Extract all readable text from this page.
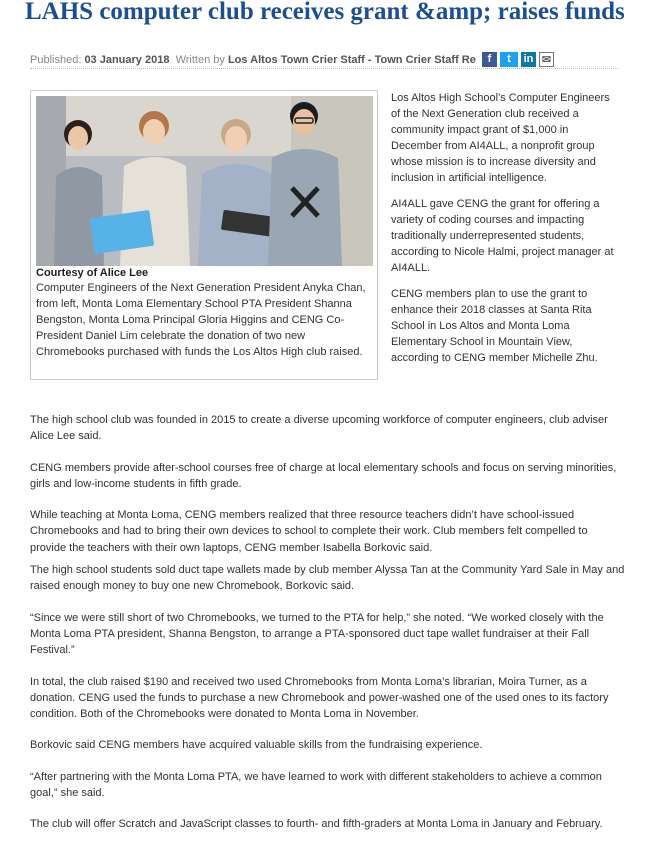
LAHS computer club receives grant &amp; raises funds
Published: 03 January 2018 Written by Los Altos Town Crier Staff - Town Crier Staff Re	f	t	in ✉
Courtesy of Alice Lee
Computer Engineers of the Next Generation President Anyka Chan, from left, Monta Loma Elementary School PTA President Shanna Bengston, Monta Loma Principal Gloria Higgins and CENG Co-President Daniel Lim celebrate the donation of two new Chromebooks purchased with funds the Los Altos High club raised.

Los Altos High School’s Computer Engineers of the Next Generation club received a community impact grant of $1,000 in December from AI4ALL, a nonprofit group whose mission is to increase diversity and inclusion in artificial intelligence.

AI4ALL gave CENG the grant for offering a variety of coding courses and impacting traditionally underrepresented students, according to Nicole Halmi, project manager at AI4ALL.

CENG members plan to use the grant to enhance their 2018 classes at Santa Rita School in Los Altos and Monta Loma Elementary School in Mountain View, according to CENG member Michelle Zhu.

The high school club was founded in 2015 to create a diverse upcoming workforce of computer engineers, club adviser Alice Lee said.

CENG members provide after-school courses free of charge at local elementary schools and focus on serving minorities, girls and low-income students in fifth grade.

While teaching at Monta Loma, CENG members realized that three resource teachers didn’t have school-issued Chromebooks and had to bring their own devices to school to complete their work. Club members felt compelled to provide the teachers with their own laptops, CENG member Isabella Borkovic said.

The high school students sold duct tape wallets made by club member Alyssa Tan at the Community Yard Sale in May and raised enough money to buy one new Chromebook, Borkovic said.

“Since we were still short of two Chromebooks, we turned to the PTA for help,” she noted. “We worked closely with the Monta Loma PTA president, Shanna Bengston, to arrange a PTA-sponsored duct tape wallet fundraiser at their Fall Festival.”

In total, the club raised $190 and received two used Chromebooks from Monta Loma’s librarian, Moira Turner, as a donation. CENG used the funds to purchase a new Chromebook and power-washed one of the used ones to its factory condition. Both of the Chromebooks were donated to Monta Loma in November.

Borkovic said CENG members have acquired valuable skills from the fundraising experience.

“After partnering with the Monta Loma PTA, we have learned to work with different stakeholders to achieve a common goal,” she said.

The club will offer Scratch and JavaScript classes to fourth- and fifth-graders at Monta Loma in January and February.
